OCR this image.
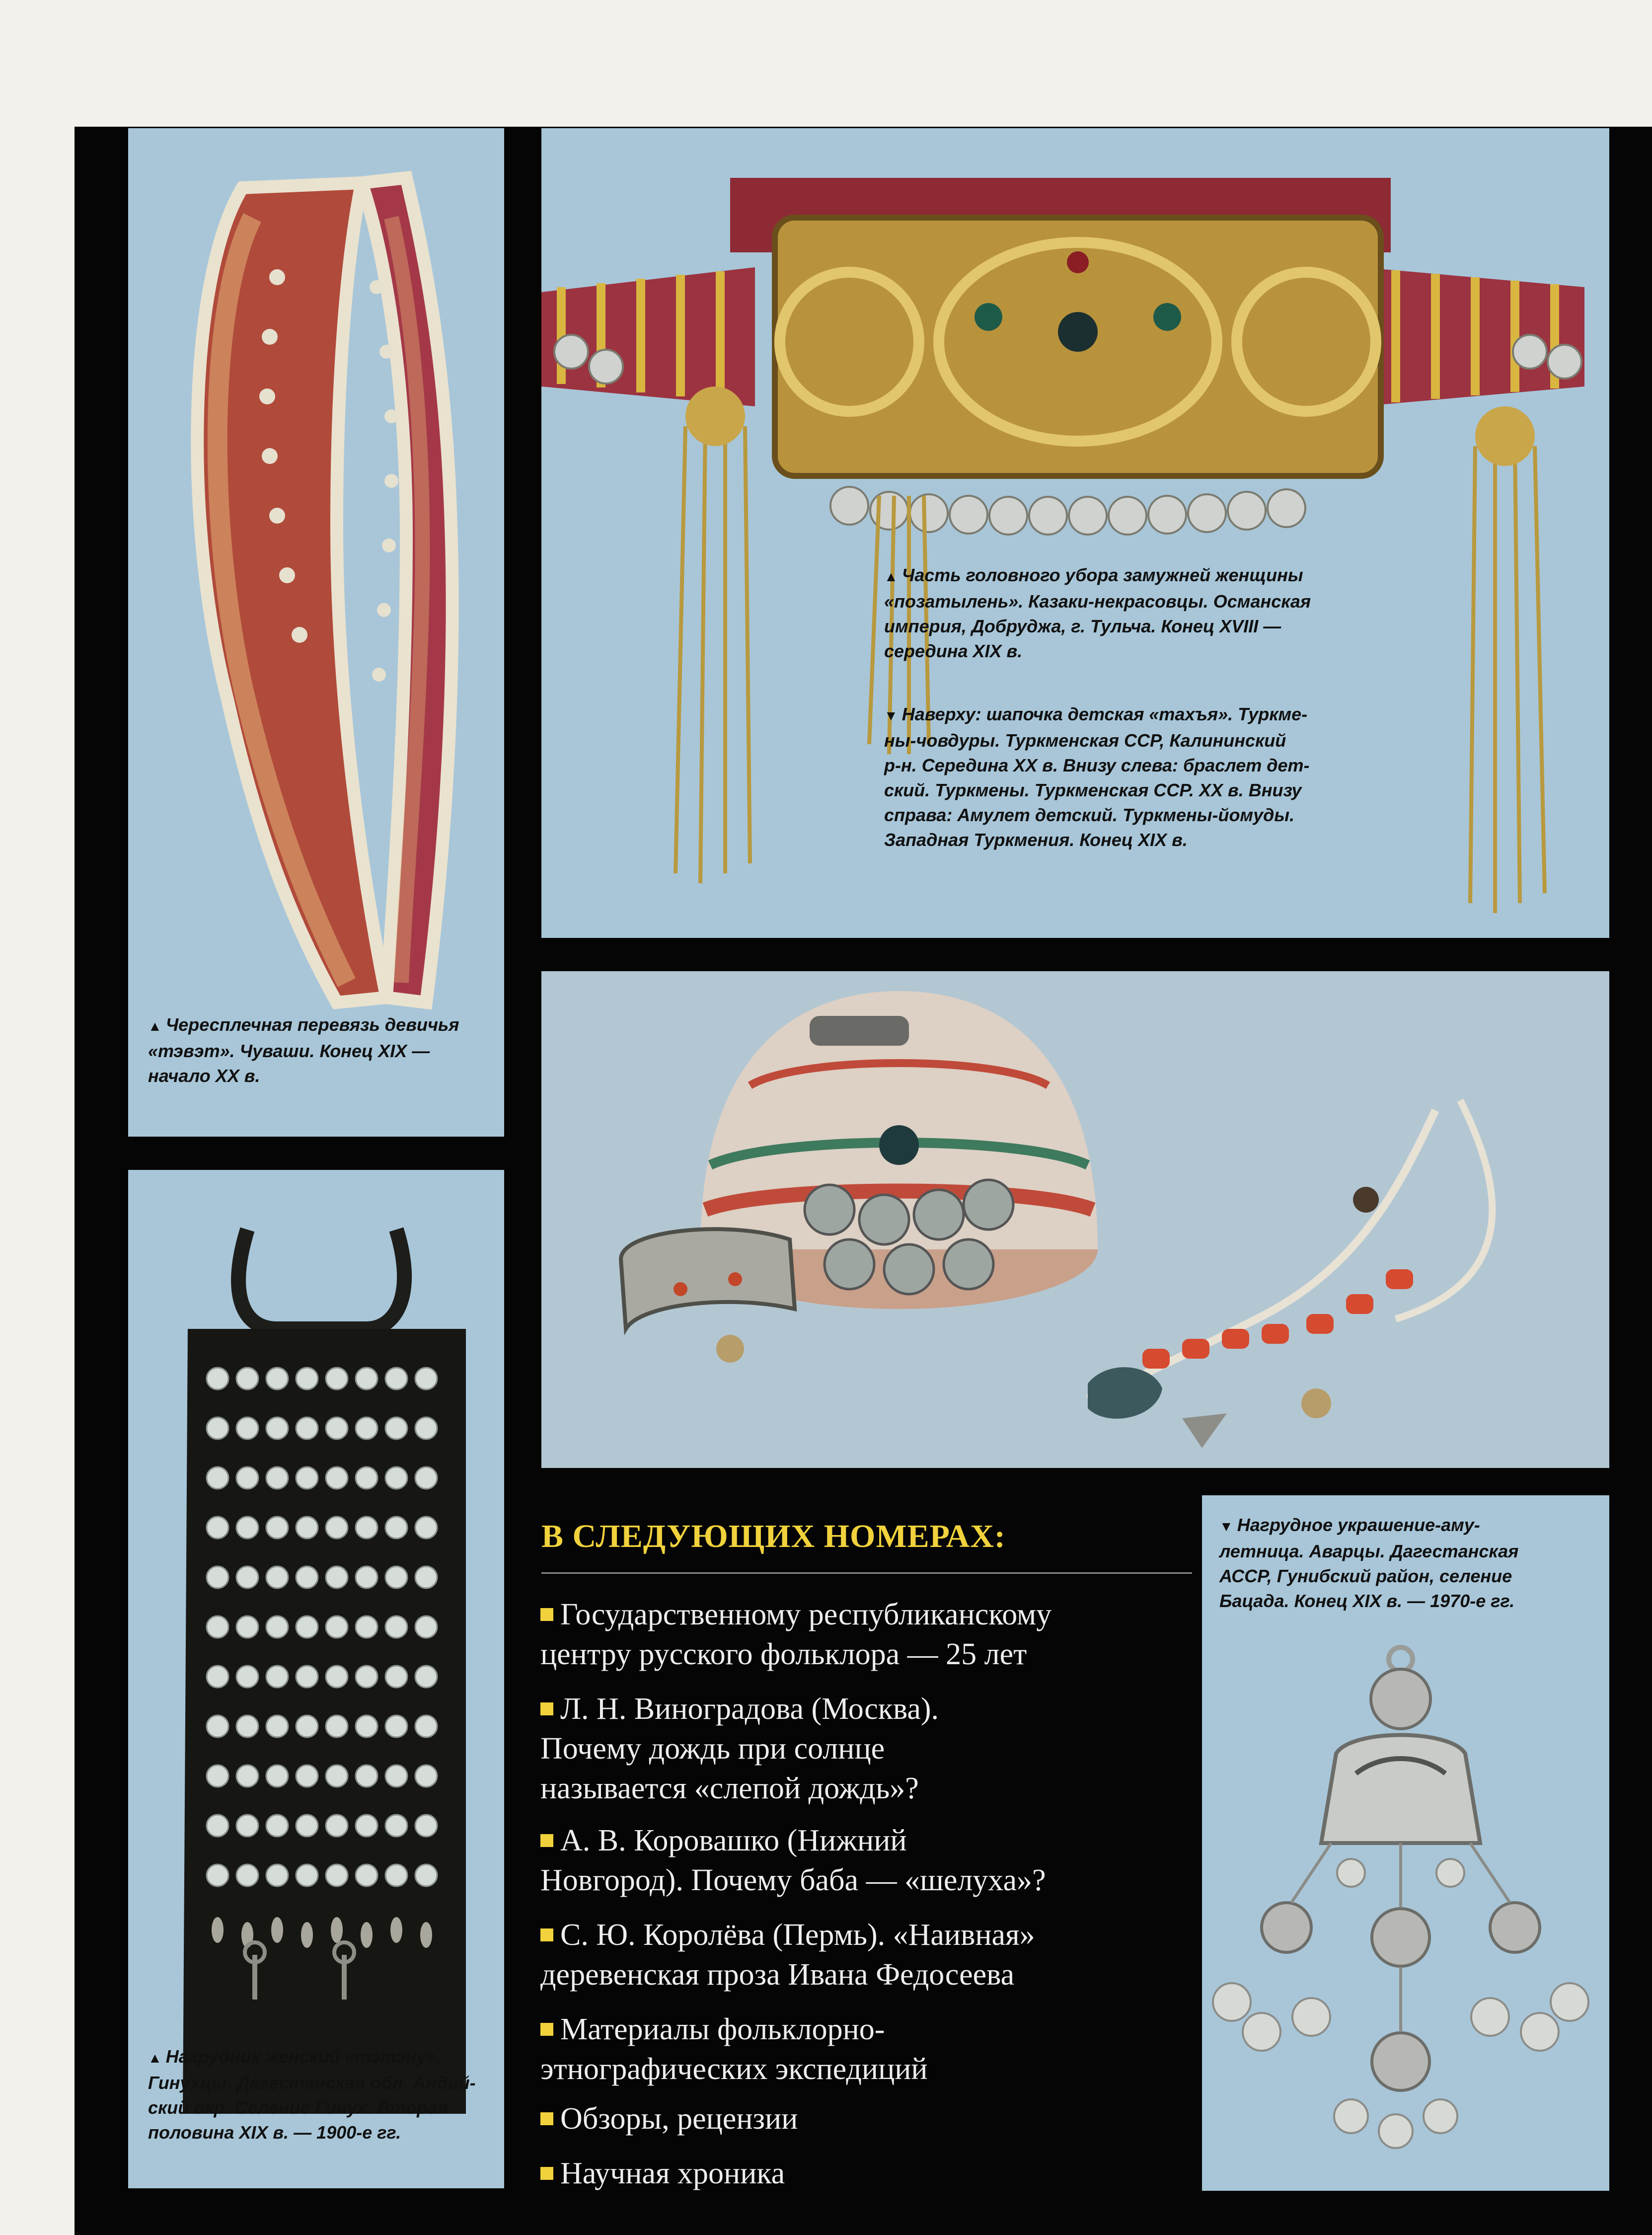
▲ Чересплечная перевязь девичья
«тэвэт». Чуваши. Конец XIX —
начало XX в.
▲ Часть головного убора замужней женщины
«позатылень». Казаки-некрасовцы. Османская
империя, Добруджа, г. Тульча. Конец XVIII —
середина XIX в.
▼ Наверху: шапочка детская «тахъя». Туркме-
ны-човдуры. Туркменская ССР, Калининский
р-н. Середина XX в. Внизу слева: браслет дет-
ский. Туркмены. Туркменская ССР. XX в. Внизу
справа: Амулет детский. Туркмены-йомуды.
Западная Туркмения. Конец XIX в.
▲ Нагрудник женский «тэтэну».
Гинухцы. Дагестанская обл. Андий-
ский окр. Селение Гинух. Вторая
половина XIX в. — 1900-е гг.
▼ Нагрудное украшение-аму-
летница. Аварцы. Дагестанская
АССР, Гунибский район, селение
Бацада. Конец XIX в. — 1970-е гг.
В СЛЕДУЮЩИХ НОМЕРАХ:
Государственному республиканскому
центру русского фольклора — 25 лет
Л. Н. Виноградова (Москва).
Почему дождь при солнце
называется «слепой дождь»?
А. В. Коровашко (Нижний
Новгород). Почему баба — «шелуха»?
С. Ю. Королёва (Пермь). «Наивная»
деревенская проза Ивана Федосеева
Материалы фольклорно-
этнографических экспедиций
Обзоры, рецензии
Научная хроника
